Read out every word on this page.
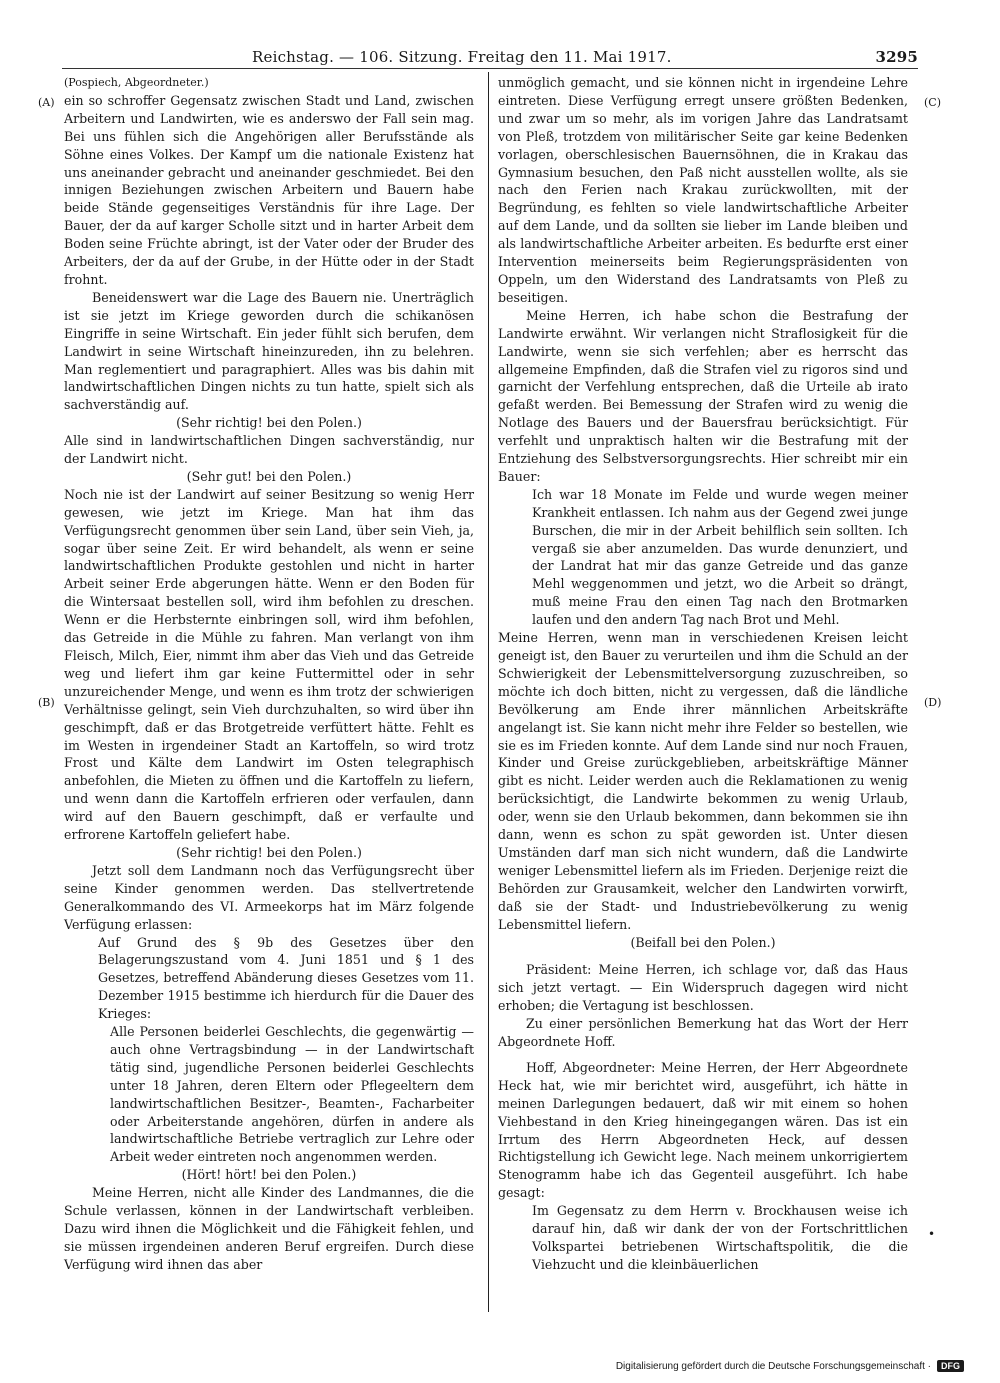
Reichstag. — 106. Sitzung. Freitag den 11. Mai 1917.	3295
(A)
(B)
(C)
(D)

(Pospiech, Abgeordneter.)

ein so schroffer Gegensatz zwischen Stadt und Land, zwischen Arbeitern und Landwirten, wie es anderswo der Fall sein mag. Bei uns fühlen sich die Angehörigen aller Berufsstände als Söhne eines Volkes. Der Kampf um die nationale Existenz hat uns aneinander gebracht und aneinander geschmiedet. Bei den innigen Beziehungen zwischen Arbeitern und Bauern habe beide Stände gegenseitiges Verständnis für ihre Lage. Der Bauer, der da auf karger Scholle sitzt und in harter Arbeit dem Boden seine Früchte abringt, ist der Vater oder der Bruder des Arbeiters, der da auf der Grube, in der Hütte oder in der Stadt frohnt.

Beneidenswert war die Lage des Bauern nie. Unerträglich ist sie jetzt im Kriege geworden durch die schikanösen Eingriffe in seine Wirtschaft. Ein jeder fühlt sich berufen, dem Landwirt in seine Wirtschaft hineinzureden, ihn zu belehren. Man reglementiert und paragraphiert. Alles was bis dahin mit landwirtschaftlichen Dingen nichts zu tun hatte, spielt sich als sachverständig auf.

(Sehr richtig! bei den Polen.)

Alle sind in landwirtschaftlichen Dingen sachverständig, nur der Landwirt nicht.

(Sehr gut! bei den Polen.)

Noch nie ist der Landwirt auf seiner Besitzung so wenig Herr gewesen, wie jetzt im Kriege. Man hat ihm das Verfügungsrecht genommen über sein Land, über sein Vieh, ja, sogar über seine Zeit. Er wird behandelt, als wenn er seine landwirtschaftlichen Produkte gestohlen und nicht in harter Arbeit seiner Erde abgerungen hätte. Wenn er den Boden für die Wintersaat bestellen soll, wird ihm befohlen zu dreschen. Wenn er die Herbsternte einbringen soll, wird ihm befohlen, das Getreide in die Mühle zu fahren. Man verlangt von ihm Fleisch, Milch, Eier, nimmt ihm aber das Vieh und das Getreide weg und liefert ihm gar keine Futtermittel oder in sehr unzureichender Menge, und wenn es ihm trotz der schwierigen Verhältnisse gelingt, sein Vieh durchzuhalten, so wird über ihn geschimpft, daß er das Brotgetreide verfüttert hätte. Fehlt es im Westen in irgendeiner Stadt an Kartoffeln, so wird trotz Frost und Kälte dem Landwirt im Osten telegraphisch anbefohlen, die Mieten zu öffnen und die Kartoffeln zu liefern, und wenn dann die Kartoffeln erfrieren oder verfaulen, dann wird auf den Bauern geschimpft, daß er verfaulte und erfrorene Kartoffeln geliefert habe.

(Sehr richtig! bei den Polen.)

Jetzt soll dem Landmann noch das Verfügungsrecht über seine Kinder genommen werden. Das stellvertretende Generalkommando des VI. Armeekorps hat im März folgende Verfügung erlassen:

Auf Grund des § 9b des Gesetzes über den Belagerungszustand vom 4. Juni 1851 und § 1 des Gesetzes, betreffend Abänderung dieses Gesetzes vom 11. Dezember 1915 bestimme ich hierdurch für die Dauer des Krieges:

Alle Personen beiderlei Geschlechts, die gegenwärtig — auch ohne Vertragsbindung — in der Landwirtschaft tätig sind, jugendliche Personen beiderlei Geschlechts unter 18 Jahren, deren Eltern oder Pflegeeltern dem landwirtschaftlichen Besitzer-, Beamten-, Facharbeiter oder Arbeiterstande angehören, dürfen in andere als landwirtschaftliche Betriebe vertraglich zur Lehre oder Arbeit weder eintreten noch angenommen werden.

(Hört! hört! bei den Polen.)

Meine Herren, nicht alle Kinder des Landmannes, die die Schule verlassen, können in der Landwirtschaft verbleiben. Dazu wird ihnen die Möglichkeit und die Fähigkeit fehlen, und sie müssen irgendeinen anderen Beruf ergreifen. Durch diese Verfügung wird ihnen das aber

unmöglich gemacht, und sie können nicht in irgendeine Lehre eintreten. Diese Verfügung erregt unsere größten Bedenken, und zwar um so mehr, als im vorigen Jahre das Landratsamt von Pleß, trotzdem von militärischer Seite gar keine Bedenken vorlagen, oberschlesischen Bauernsöhnen, die in Krakau das Gymnasium besuchen, den Paß nicht ausstellen wollte, als sie nach den Ferien nach Krakau zurückwollten, mit der Begründung, es fehlten so viele landwirtschaftliche Arbeiter auf dem Lande, und da sollten sie lieber im Lande bleiben und als landwirtschaftliche Arbeiter arbeiten. Es bedurfte erst einer Intervention meinerseits beim Regierungspräsidenten von Oppeln, um den Widerstand des Landratsamts von Pleß zu beseitigen.

Meine Herren, ich habe schon die Bestrafung der Landwirte erwähnt. Wir verlangen nicht Straflosigkeit für die Landwirte, wenn sie sich verfehlen; aber es herrscht das allgemeine Empfinden, daß die Strafen viel zu rigoros sind und garnicht der Verfehlung entsprechen, daß die Urteile ab irato gefaßt werden. Bei Bemessung der Strafen wird zu wenig die Notlage des Bauers und der Bauersfrau berücksichtigt. Für verfehlt und unpraktisch halten wir die Bestrafung mit der Entziehung des Selbstversorgungsrechts. Hier schreibt mir ein Bauer:

Ich war 18 Monate im Felde und wurde wegen meiner Krankheit entlassen. Ich nahm aus der Gegend zwei junge Burschen, die mir in der Arbeit behilflich sein sollten. Ich vergaß sie aber anzumelden. Das wurde denunziert, und der Landrat hat mir das ganze Getreide und das ganze Mehl weggenommen und jetzt, wo die Arbeit so drängt, muß meine Frau den einen Tag nach den Brotmarken laufen und den andern Tag nach Brot und Mehl.

Meine Herren, wenn man in verschiedenen Kreisen leicht geneigt ist, den Bauer zu verurteilen und ihm die Schuld an der Schwierigkeit der Lebensmittelversorgung zuzuschreiben, so möchte ich doch bitten, nicht zu vergessen, daß die ländliche Bevölkerung am Ende ihrer männlichen Arbeitskräfte angelangt ist. Sie kann nicht mehr ihre Felder so bestellen, wie sie es im Frieden konnte. Auf dem Lande sind nur noch Frauen, Kinder und Greise zurückgeblieben, arbeitskräftige Männer gibt es nicht. Leider werden auch die Reklamationen zu wenig berücksichtigt, die Landwirte bekommen zu wenig Urlaub, oder, wenn sie den Urlaub bekommen, dann bekommen sie ihn dann, wenn es schon zu spät geworden ist. Unter diesen Umständen darf man sich nicht wundern, daß die Landwirte weniger Lebensmittel liefern als im Frieden. Derjenige reizt die Behörden zur Grausamkeit, welcher den Landwirten vorwirft, daß sie der Stadt- und Industriebevölkerung zu wenig Lebensmittel liefern.

(Beifall bei den Polen.)

Präsident: Meine Herren, ich schlage vor, daß das Haus sich jetzt vertagt. — Ein Widerspruch dagegen wird nicht erhoben; die Vertagung ist beschlossen.

Zu einer persönlichen Bemerkung hat das Wort der Herr Abgeordnete Hoff.

Hoff, Abgeordneter: Meine Herren, der Herr Abgeordnete Heck hat, wie mir berichtet wird, ausgeführt, ich hätte in meinen Darlegungen bedauert, daß wir mit einem so hohen Viehbestand in den Krieg hineingegangen wären. Das ist ein Irrtum des Herrn Abgeordneten Heck, auf dessen Richtigstellung ich Gewicht lege. Nach meinem unkorrigiertem Stenogramm habe ich das Gegenteil ausgeführt. Ich habe gesagt:

Im Gegensatz zu dem Herrn v. Brockhausen weise ich darauf hin, daß wir dank der von der Fortschrittlichen Volkspartei betriebenen Wirtschaftspolitik, die die Viehzucht und die kleinbäuerlichen

•
Digitalisierung gefördert durch die Deutsche Forschungsgemeinschaft ·	DFG
